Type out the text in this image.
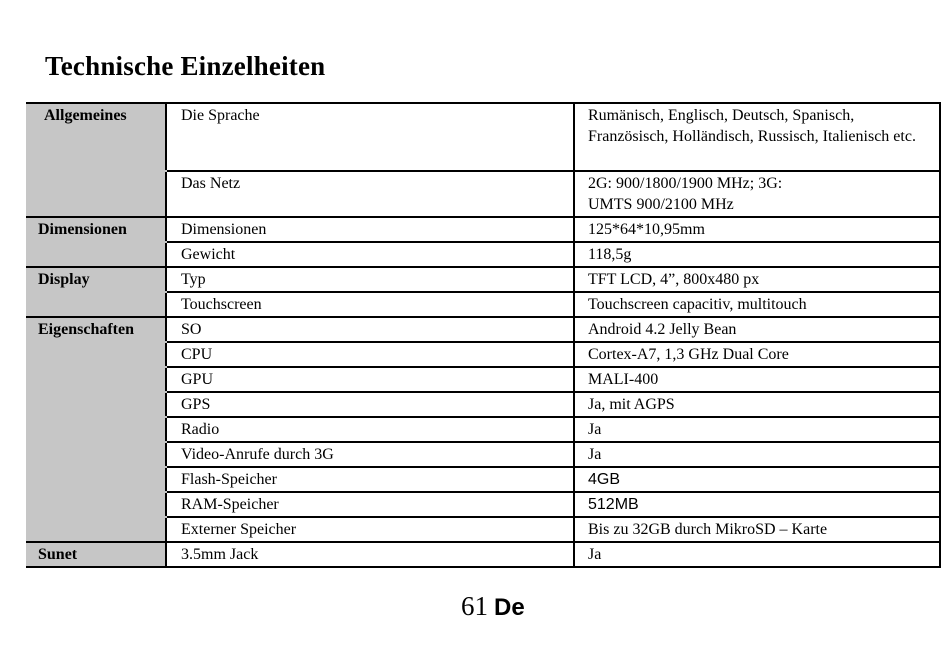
Technische Einzelheiten
Allgemeines	Die Sprache	Rumänisch, Englisch, Deutsch, Spanisch, Französisch, Holländisch, Russisch, Italienisch etc.
	Das Netz	2G: 900/1800/1900 MHz; 3G: UMTS 900/2100 MHz
Dimensionen	Dimensionen	125*64*10,95mm
	Gewicht	118,5g
Display	Typ	TFT LCD, 4”, 800x480 px
	Touchscreen	Touchscreen capacitiv, multitouch
Eigenschaften	SO	Android 4.2 Jelly Bean
	CPU	Cortex-A7, 1,3 GHz Dual Core
	GPU	MALI-400
	GPS	Ja, mit AGPS
	Radio	Ja
	Video-Anrufe durch 3G	Ja
	Flash-Speicher	4GB
	RAM-Speicher	512MB
	Externer Speicher	Bis zu 32GB durch MikroSD – Karte
Sunet	3.5mm Jack	Ja
61 De
